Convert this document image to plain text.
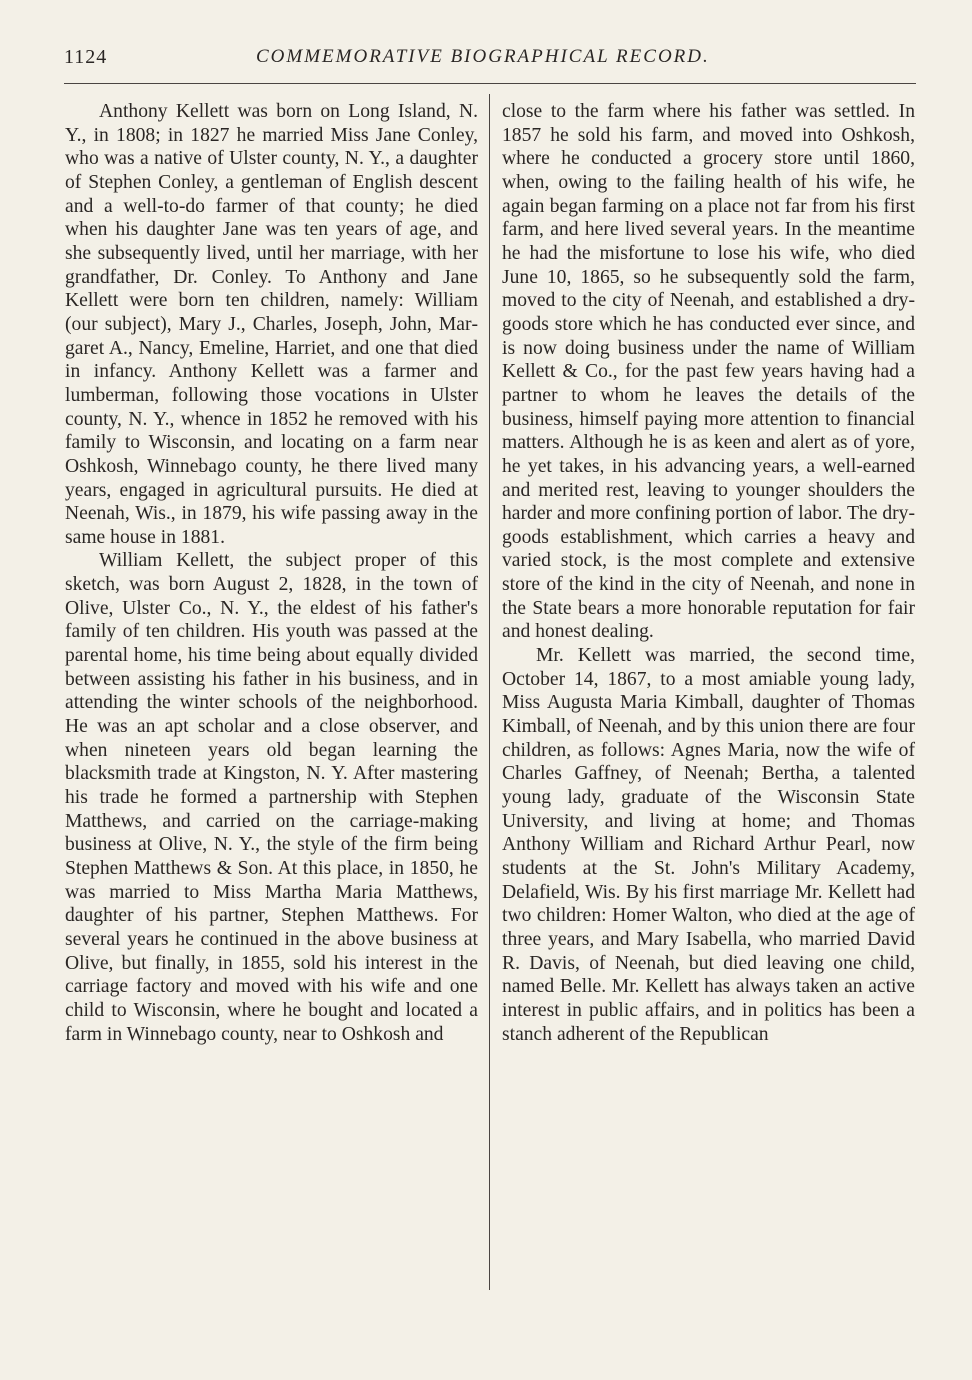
1124	COMMEMORATIVE BIOGRAPHICAL RECORD.

Anthony Kellett was born on Long Island, N. Y., in 1808; in 1827 he married Miss Jane Conley, who was a native of Ulster county, N. Y., a daughter of Stephen Conley, a gentleman of English descent and a well-to-do farmer of that county; he died when his daughter Jane was ten years of age, and she subsequently lived, until her marriage, with her grandfather, Dr. Conley. To Anthony and Jane Kellett were born ten children, namely: William (our subject), Mary J., Charles, Joseph, John, Margaret A., Nancy, Emeline, Harriet, and one that died in infancy. Anthony Kellett was a farmer and lumberman, following those vocations in Ulster county, N. Y., whence in 1852 he removed with his family to Wisconsin, and locating on a farm near Oshkosh, Winnebago county, he there lived many years, engaged in agricultural pursuits. He died at Neenah, Wis., in 1879, his wife passing away in the same house in 1881.

William Kellett, the subject proper of this sketch, was born August 2, 1828, in the town of Olive, Ulster Co., N. Y., the eldest of his father's family of ten children. His youth was passed at the parental home, his time being about equally divided between assisting his father in his business, and in attending the winter schools of the neighborhood. He was an apt scholar and a close observer, and when nineteen years old began learning the blacksmith trade at Kingston, N. Y. After mastering his trade he formed a partnership with Stephen Matthews, and carried on the carriage-making business at Olive, N. Y., the style of the firm being Stephen Matthews & Son. At this place, in 1850, he was married to Miss Martha Maria Matthews, daughter of his partner, Stephen Matthews. For several years he continued in the above business at Olive, but finally, in 1855, sold his interest in the carriage factory and moved with his wife and one child to Wisconsin, where he bought and located a farm in Winnebago county, near to Oshkosh and

close to the farm where his father was settled. In 1857 he sold his farm, and moved into Oshkosh, where he conducted a grocery store until 1860, when, owing to the failing health of his wife, he again began farming on a place not far from his first farm, and here lived several years. In the meantime he had the misfortune to lose his wife, who died June 10, 1865, so he subsequently sold the farm, moved to the city of Neenah, and established a dry-goods store which he has conducted ever since, and is now doing business under the name of William Kellett & Co., for the past few years having had a partner to whom he leaves the details of the business, himself paying more attention to financial matters. Although he is as keen and alert as of yore, he yet takes, in his advancing years, a well-earned and merited rest, leaving to younger shoulders the harder and more confining portion of labor. The dry-goods establishment, which carries a heavy and varied stock, is the most complete and extensive store of the kind in the city of Neenah, and none in the State bears a more honorable reputation for fair and honest dealing.

Mr. Kellett was married, the second time, October 14, 1867, to a most amiable young lady, Miss Augusta Maria Kimball, daughter of Thomas Kimball, of Neenah, and by this union there are four children, as follows: Agnes Maria, now the wife of Charles Gaffney, of Neenah; Bertha, a talented young lady, graduate of the Wisconsin State University, and living at home; and Thomas Anthony William and Richard Arthur Pearl, now students at the St. John's Military Academy, Delafield, Wis. By his first marriage Mr. Kellett had two children: Homer Walton, who died at the age of three years, and Mary Isabella, who married David R. Davis, of Neenah, but died leaving one child, named Belle. Mr. Kellett has always taken an active interest in public affairs, and in politics has been a stanch adherent of the Republican
